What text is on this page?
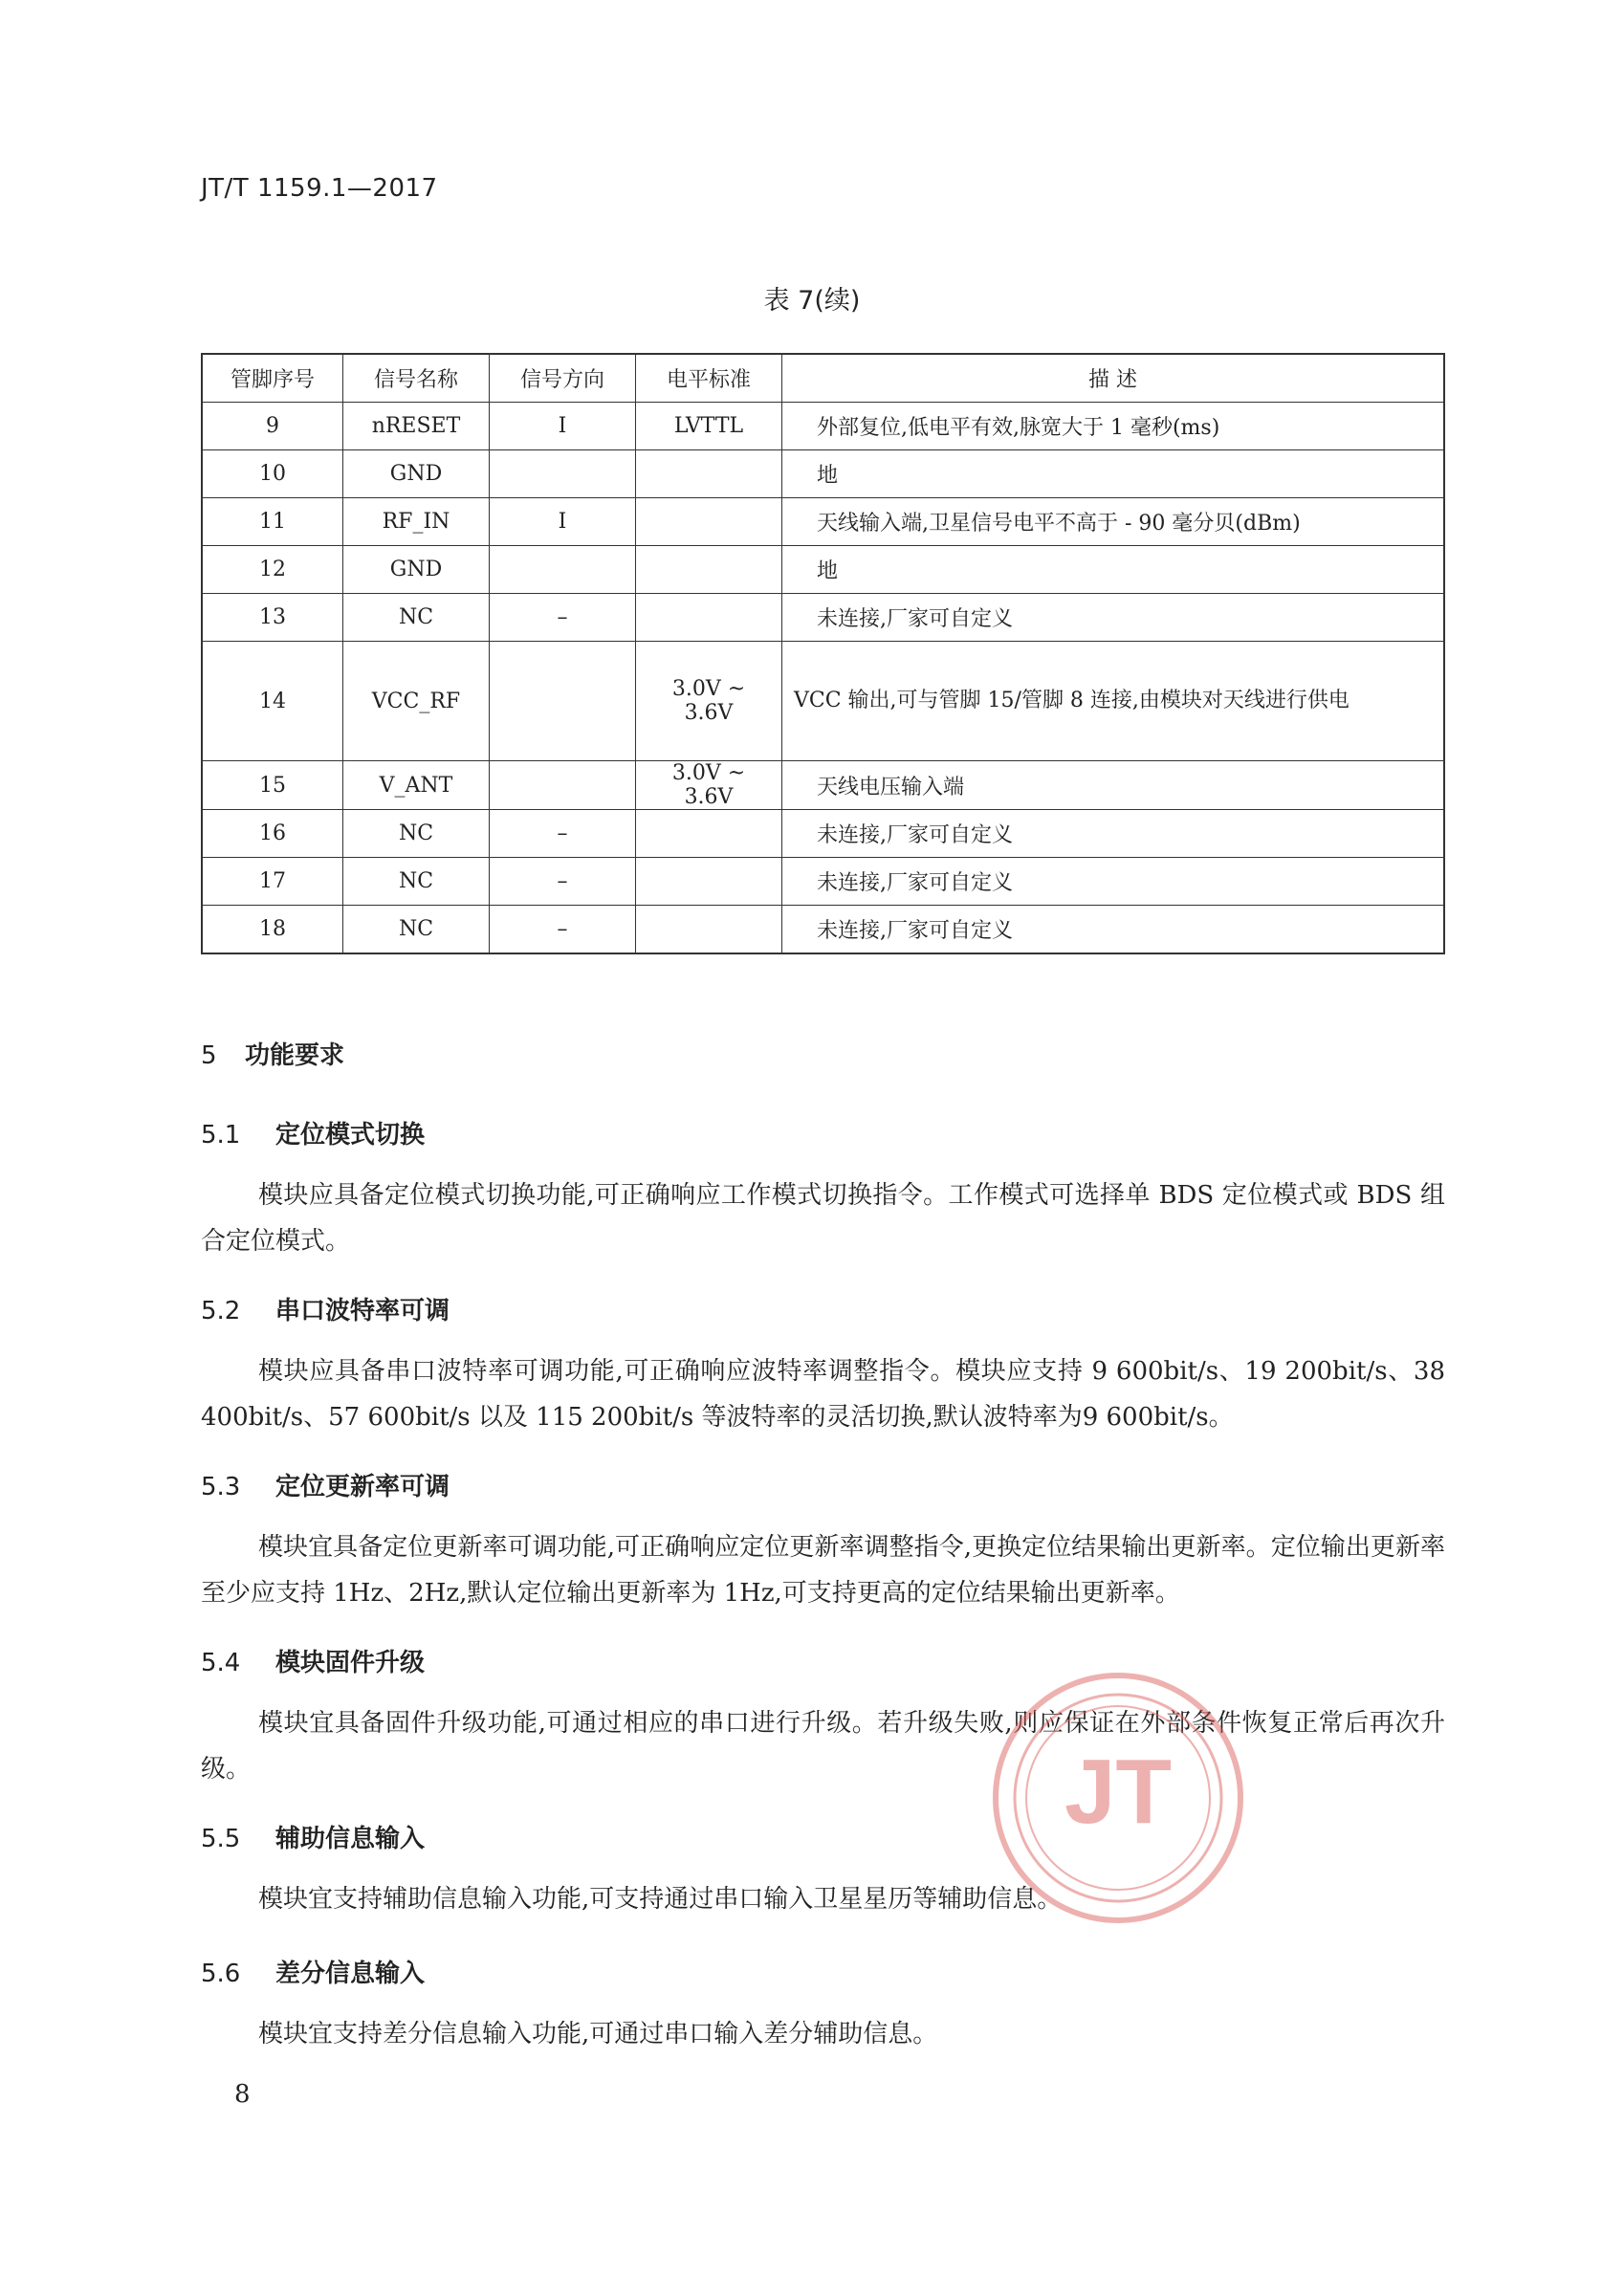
JT/T 1159.1—2017
表 7(续)
管脚序号	信号名称	信号方向	电平标准	描 述
9	nRESET	I	LVTTL	外部复位,低电平有效,脉宽大于 1 毫秒(ms)
10	GND			地
11	RF_IN	I		天线输入端,卫星信号电平不高于 - 90 毫分贝(dBm)
12	GND			地
13	NC	–		未连接,厂家可自定义
14	VCC_RF		3.0V ~ 3.6V	VCC 输出,可与管脚 15/管脚 8 连接,由模块对天线进行供电
15	V_ANT		3.0V ~ 3.6V	天线电压输入端
16	NC	–		未连接,厂家可自定义
17	NC	–		未连接,厂家可自定义
18	NC	–		未连接,厂家可自定义
5 功能要求
5.1 定位模式切换
模块应具备定位模式切换功能,可正确响应工作模式切换指令。工作模式可选择单 BDS 定位模式或 BDS 组合定位模式。
5.2 串口波特率可调
模块应具备串口波特率可调功能,可正确响应波特率调整指令。模块应支持 9 600bit/s、19 200bit/s、38 400bit/s、57 600bit/s 以及 115 200bit/s 等波特率的灵活切换,默认波特率为9 600bit/s。
5.3 定位更新率可调
模块宜具备定位更新率可调功能,可正确响应定位更新率调整指令,更换定位结果输出更新率。定位输出更新率至少应支持 1Hz、2Hz,默认定位输出更新率为 1Hz,可支持更高的定位结果输出更新率。
5.4 模块固件升级
模块宜具备固件升级功能,可通过相应的串口进行升级。若升级失败,则应保证在外部条件恢复正常后再次升级。
5.5 辅助信息输入
模块宜支持辅助信息输入功能,可支持通过串口输入卫星星历等辅助信息。
5.6 差分信息输入
模块宜支持差分信息输入功能,可通过串口输入差分辅助信息。
8
JT
